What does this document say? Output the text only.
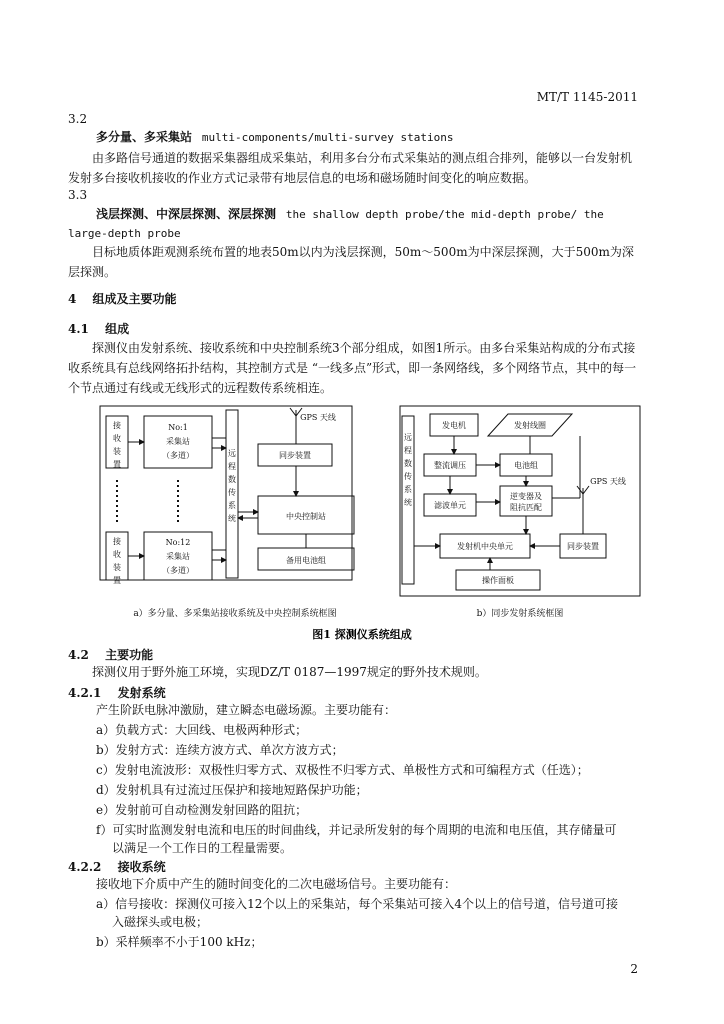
MT/T 1145-2011
3.2
多分量、多采集站 multi-components/multi-survey stations
由多路信号通道的数据采集器组成采集站，利用多台分布式采集站的测点组合排列，能够以一台发射机发射多台接收机接收的作业方式记录带有地层信息的电场和磁场随时间变化的响应数据。
3.3
浅层探测、中深层探测、深层探测 the shallow depth probe/the mid-depth probe/ the large-depth probe
目标地质体距观测系统布置的地表50m以内为浅层探测，50m～500m为中深层探测，大于500m为深层探测。
4 组成及主要功能
4.1 组成
探测仪由发射系统、接收系统和中央控制系统3个部分组成，如图1所示。由多台采集站构成的分布式接收系统具有总线网络拓扑结构，其控制方式是 “一线多点”形式，即一条网络线，多个网络节点，其中的每一个节点通过有线或无线形式的远程数传系统相连。
接收装置
接收装置
No:1
采集站
（多道）
No:12
采集站
（多道）
远程数传系统
GPS 天线
同步装置
中央控制站
备用电池组
a）多分量、多采集站接收系统及中央控制系统框图
远程数传系统
发电机	发射线圈
整流调压	电池组
滤波单元
逆变器及阻抗匹配
GPS 天线
发射机中央单元	同步装置
操作面板
b）同步发射系统框图
图1 探测仪系统组成
4.2 主要功能
探测仪用于野外施工环境，实现DZ/T 0187—1997规定的野外技术规则。
4.2.1 发射系统
产生阶跃电脉冲激励，建立瞬态电磁场源。主要功能有：
a）负载方式：大回线、电极两种形式；
b）发射方式：连续方波方式、单次方波方式；
c）发射电流波形：双极性归零方式、双极性不归零方式、单极性方式和可编程方式（任选）；
d）发射机具有过流过压保护和接地短路保护功能；
e）发射前可自动检测发射回路的阻抗；
f）可实时监测发射电流和电压的时间曲线，并记录所发射的每个周期的电流和电压值，其存储量可
以满足一个工作日的工程量需要。
4.2.2 接收系统
接收地下介质中产生的随时间变化的二次电磁场信号。主要功能有：
a）信号接收：探测仪可接入12个以上的采集站，每个采集站可接入4个以上的信号道，信号道可接
入磁探头或电极；
b）采样频率不小于100 kHz；
2
